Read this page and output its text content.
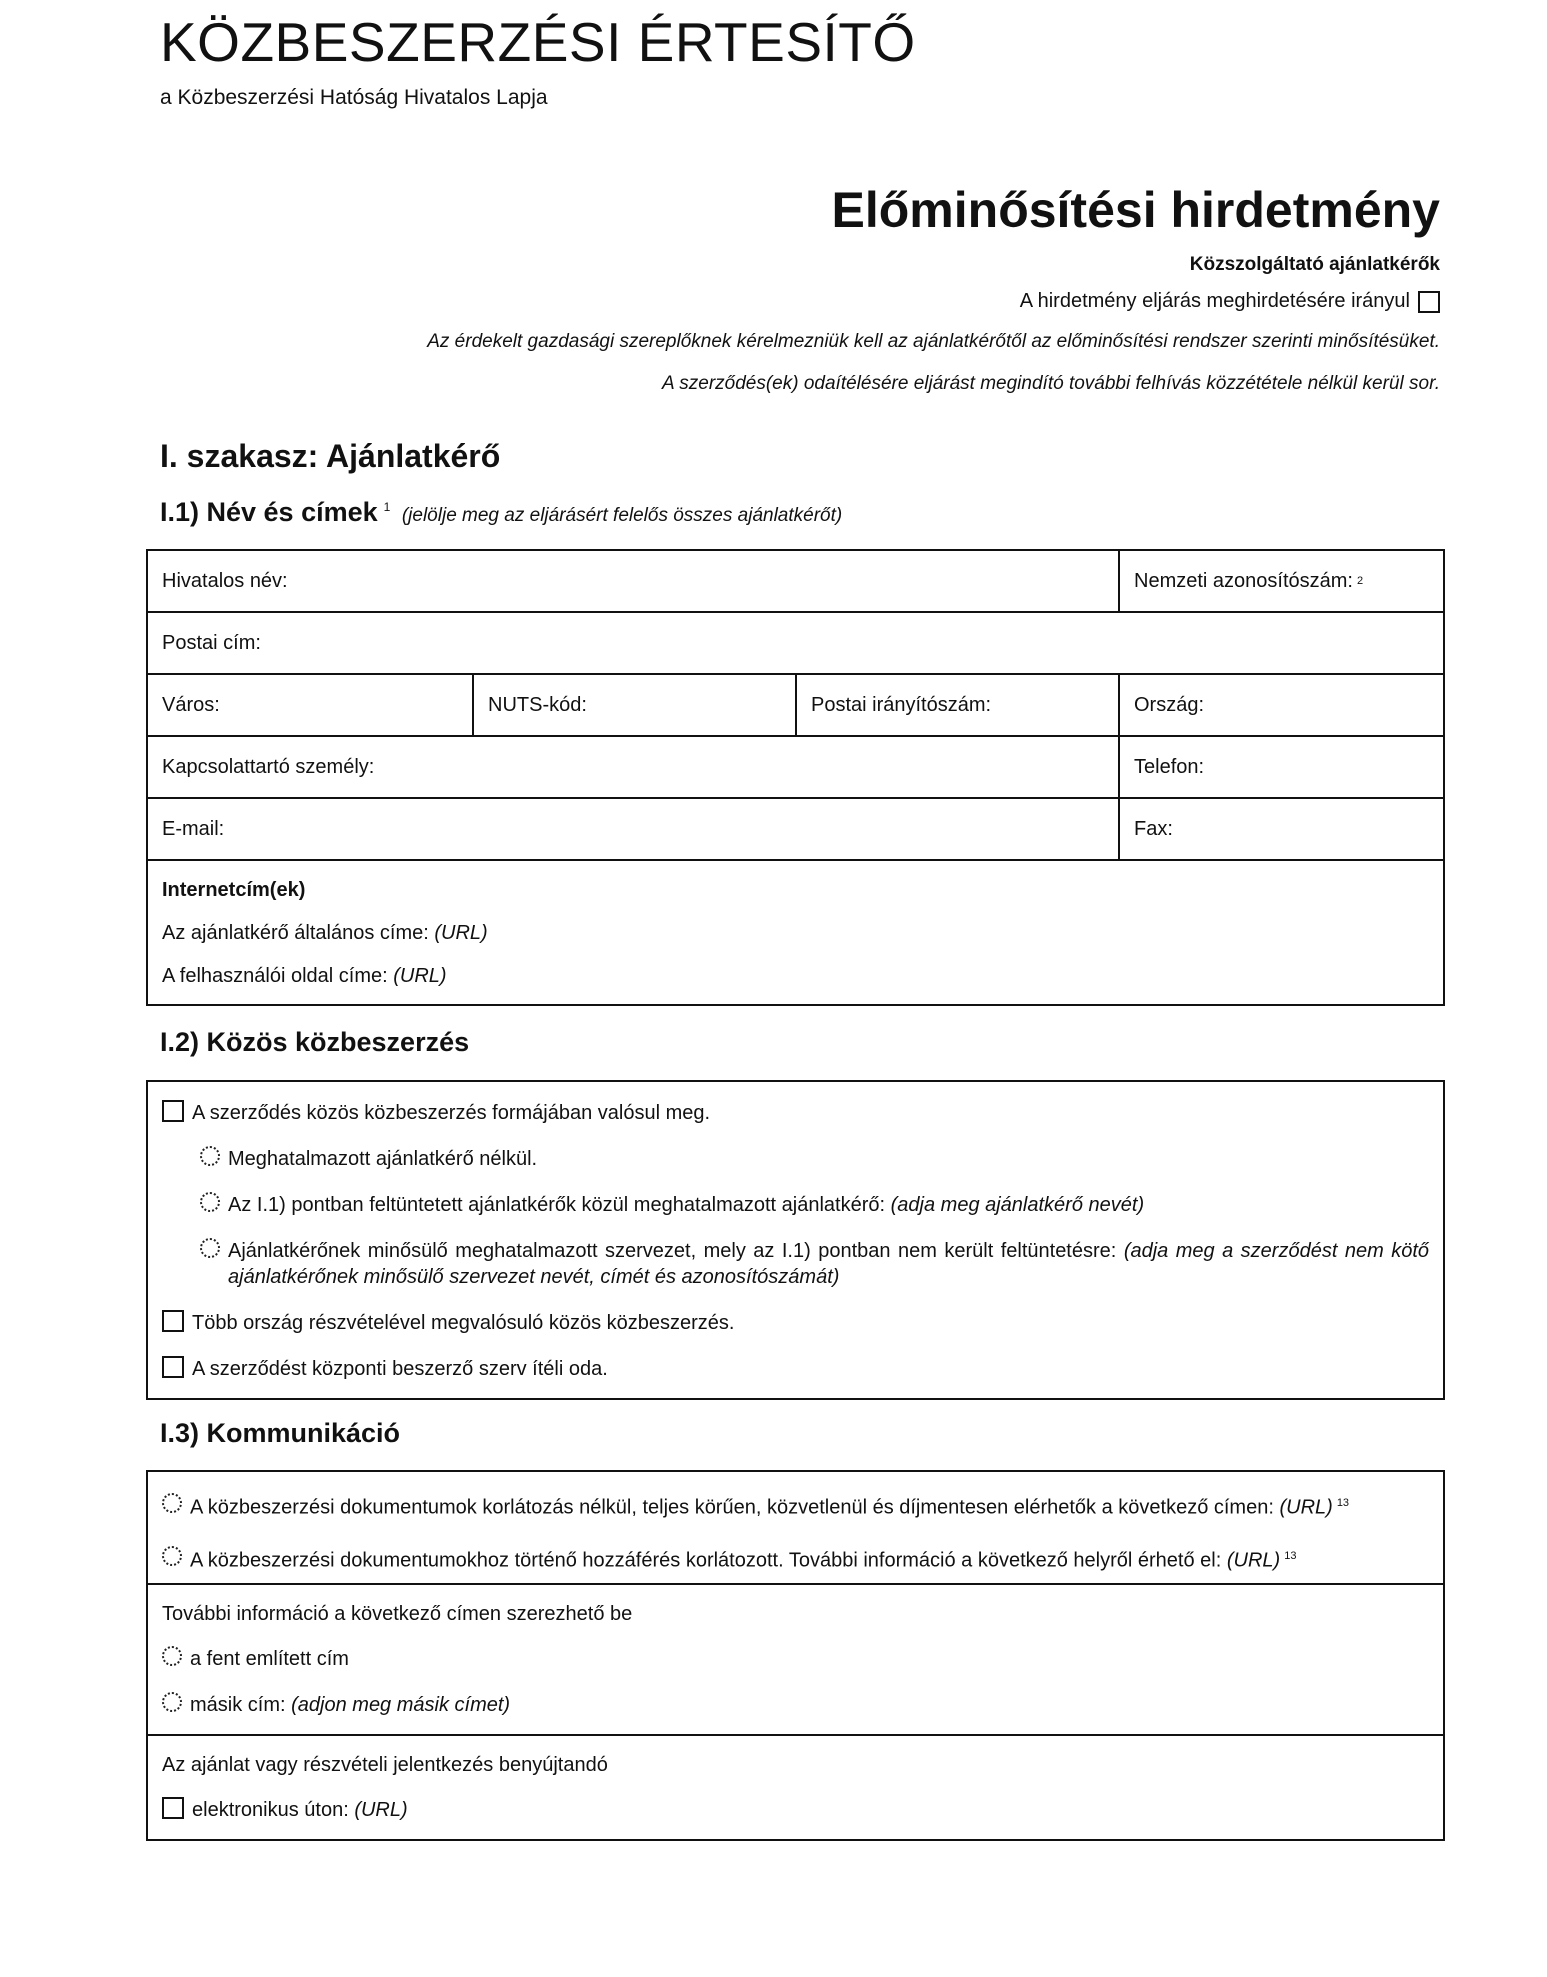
KÖZBESZERZÉSI ÉRTESÍTŐ
a Közbeszerzési Hatóság Hivatalos Lapja
Előminősítési hirdetmény
Közszolgáltató ajánlatkérők
A hirdetmény eljárás meghirdetésére irányul
Az érdekelt gazdasági szereplőknek kérelmezniük kell az ajánlatkérőtől az előminősítési rendszer szerinti minősítésüket.
A szerződés(ek) odaítélésére eljárást megindító további felhívás közzététele nélkül kerül sor.
I. szakasz: Ajánlatkérő
I.1) Név és címek $^1$ (jelölje meg az eljárásért felelős összes ajánlatkérőt)
Hivatalos név:	Nemzeti azonosítószám: 2
Postai cím:
Város:	NUTS-kód:	Postai irányítószám:	Ország:
Kapcsolattartó személy:	Telefon:
E-mail:	Fax:
Internetcím(ek)
Az ajánlatkérő általános címe: (URL)
A felhasználói oldal címe: (URL)
I.2) Közös közbeszerzés
A szerződés közös közbeszerzés formájában valósul meg.
Meghatalmazott ajánlatkérő nélkül.
Az I.1) pontban feltüntetett ajánlatkérők közül meghatalmazott ajánlatkérő: (adja meg ajánlatkérő nevét)
Ajánlatkérőnek minősülő meghatalmazott szervezet, mely az I.1) pontban nem került feltüntetésre: (adja meg a szerződést nem kötő ajánlatkérőnek minősülő szervezet nevét, címét és azonosítószámát)
Több ország részvételével megvalósuló közös közbeszerzés.
A szerződést központi beszerző szerv ítéli oda.
I.3) Kommunikáció
A közbeszerzési dokumentumok korlátozás nélkül, teljes körűen, közvetlenül és díjmentesen elérhetők a következő címen: (URL) $^{13}$
A közbeszerzési dokumentumokhoz történő hozzáférés korlátozott. További információ a következő helyről érhető el: (URL) $^{13}$
További információ a következő címen szerezhető be
a fent említett cím
másik cím: (adjon meg másik címet)
Az ajánlat vagy részvételi jelentkezés benyújtandó
elektronikus úton: (URL)
